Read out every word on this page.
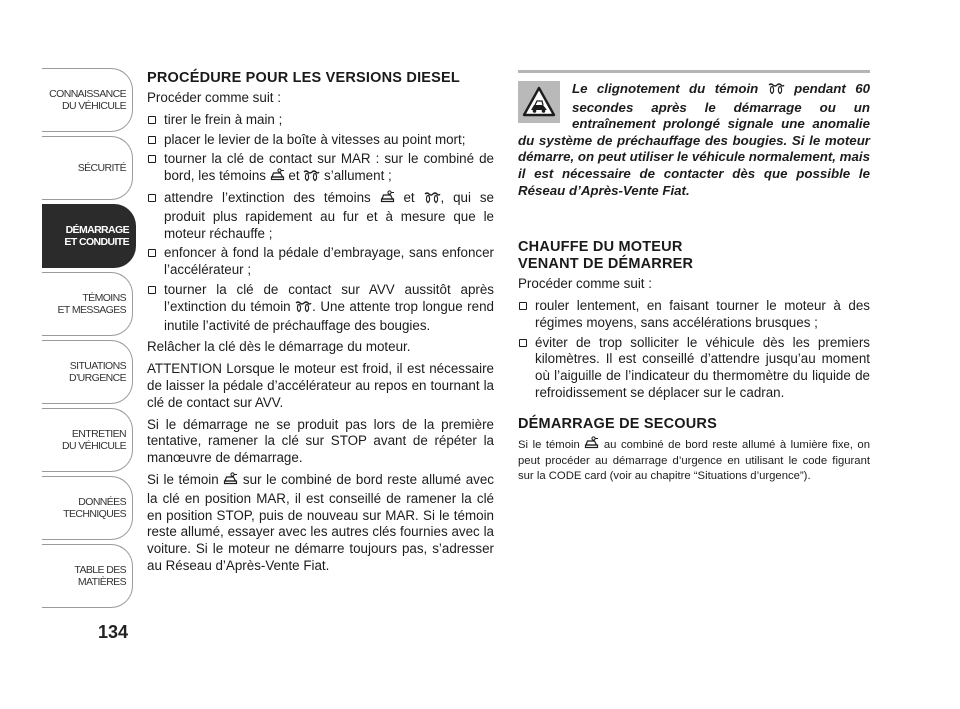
CONNAISSANCE
DU VÉHICULE
SÉCURITÉ
DÉMARRAGE
ET CONDUITE
TÉMOINS
ET MESSAGES
SITUATIONS
D’URGENCE
ENTRETIEN
DU VÉHICULE
DONNÉES
TECHNIQUES
TABLE DES
MATIÈRES
134
PROCÉDURE POUR LES VERSIONS DIESEL

Procéder comme suit :

tirer le frein à main ;
placer le levier de la boîte à vitesses au point mort;
tourner la clé de contact sur MAR : sur le combiné de bord, les témoins  et  s’allument ;
attendre l’extinction des témoins  et , qui se produit plus rapidement au fur et à mesure que le moteur réchauffe ;
enfoncer à fond la pédale d’embrayage, sans enfoncer l’accélérateur ;
tourner la clé de contact sur AVV aussitôt après l’extinction du témoin . Une attente trop longue rend inutile l’activité de préchauffage des bougies.

Relâcher la clé dès le démarrage du moteur.

ATTENTION Lorsque le moteur est froid, il est nécessaire de laisser la pédale d’accélérateur au repos en tournant la clé de contact sur AVV.

Si le démarrage ne se produit pas lors de la première tentative, ramener la clé sur STOP avant de répéter la manœuvre de démarrage.

Si le témoin  sur le combiné de bord reste allumé avec la clé en position MAR, il est conseillé de ramener la clé en position STOP, puis de nouveau sur MAR. Si le témoin reste allumé, essayer avec les autres clés fournies avec la voiture. Si le moteur ne démarre toujours pas, s’adresser au Réseau d’Après-Vente Fiat.

Le clignotement du témoin  pendant 60 secondes après le démarrage ou un entraînement prolongé signale une anomalie du système de préchauffage des bougies. Si le moteur démarre, on peut utiliser le véhicule normalement, mais il est nécessaire de contacter dès que possible le Réseau d’Après-Vente Fiat.
CHAUFFE DU MOTEUR VENANT DE DÉMARRER

Procéder comme suit :

rouler lentement, en faisant tourner le moteur à des régimes moyens, sans accélérations brusques ;
éviter de trop solliciter le véhicule dès les premiers kilomètres. Il est conseillé d’attendre jusqu’au moment où l’aiguille de l’indicateur du thermomètre du liquide de refroidissement se déplacer sur le cadran.
DÉMARRAGE DE SECOURS

Si le témoin  au combiné de bord reste allumé à lumière fixe, on peut procéder au démarrage d’urgence en utilisant le code figurant sur la CODE card (voir au chapitre “Situations d’urgence”).
